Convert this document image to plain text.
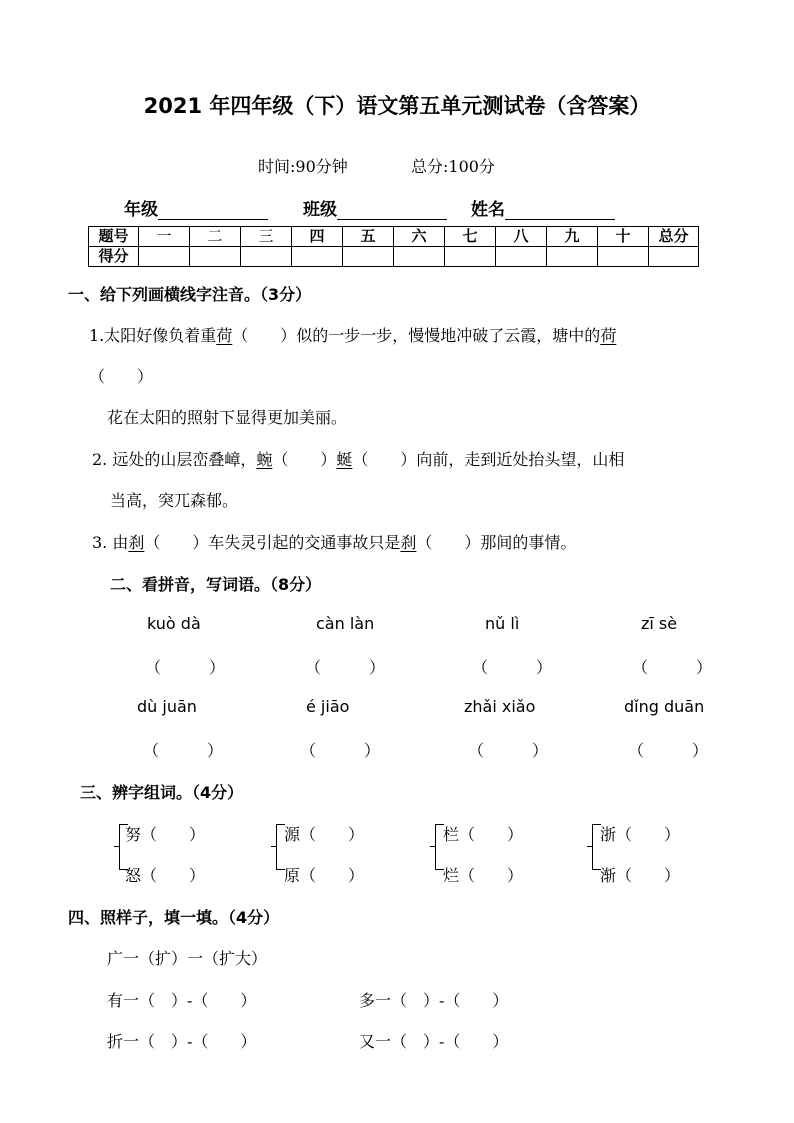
2021 年四年级（下）语文第五单元测试卷（含答案）
时间:90分钟	总分:100分
年级	班级	姓名
题号	一	二	三	四	五	六	七	八	九	十	总分
得分											
一、给下列画横线字注音。（3分）
1.太阳好像负着重荷（　　）似的一步一步，慢慢地冲破了云霞，塘中的荷
（　　）
花在太阳的照射下显得更加美丽。
2. 远处的山层峦叠嶂，蜿（　　）蜒（　　）向前，走到近处抬头望，山相
当高，突兀森郁。
3. 由刹（　　）车失灵引起的交通事故只是刹（　　）那间的事情。
二、看拼音，写词语。（8分）
kuò dà	càn làn	nǔ lì	zī sè
（　　　）	（　　　）	（　　　）	（　　　）
dù juān	é jiāo	zhǎi xiǎo	dǐng duān
（　　　）	（　　　）	（　　　）	（　　　）
三、辨字组词。（4分）
努（　　）
怒（　　）
源（　　）
原（　　）
栏（　　）
烂（　　）
浙（　　）
渐（　　）
四、照样子，填一填。（4分）
广一（扩）一（扩大）
有一（　）-（　　）	多一（　）-（　　）
折一（　）-（　　）	又一（　）-（　　）
